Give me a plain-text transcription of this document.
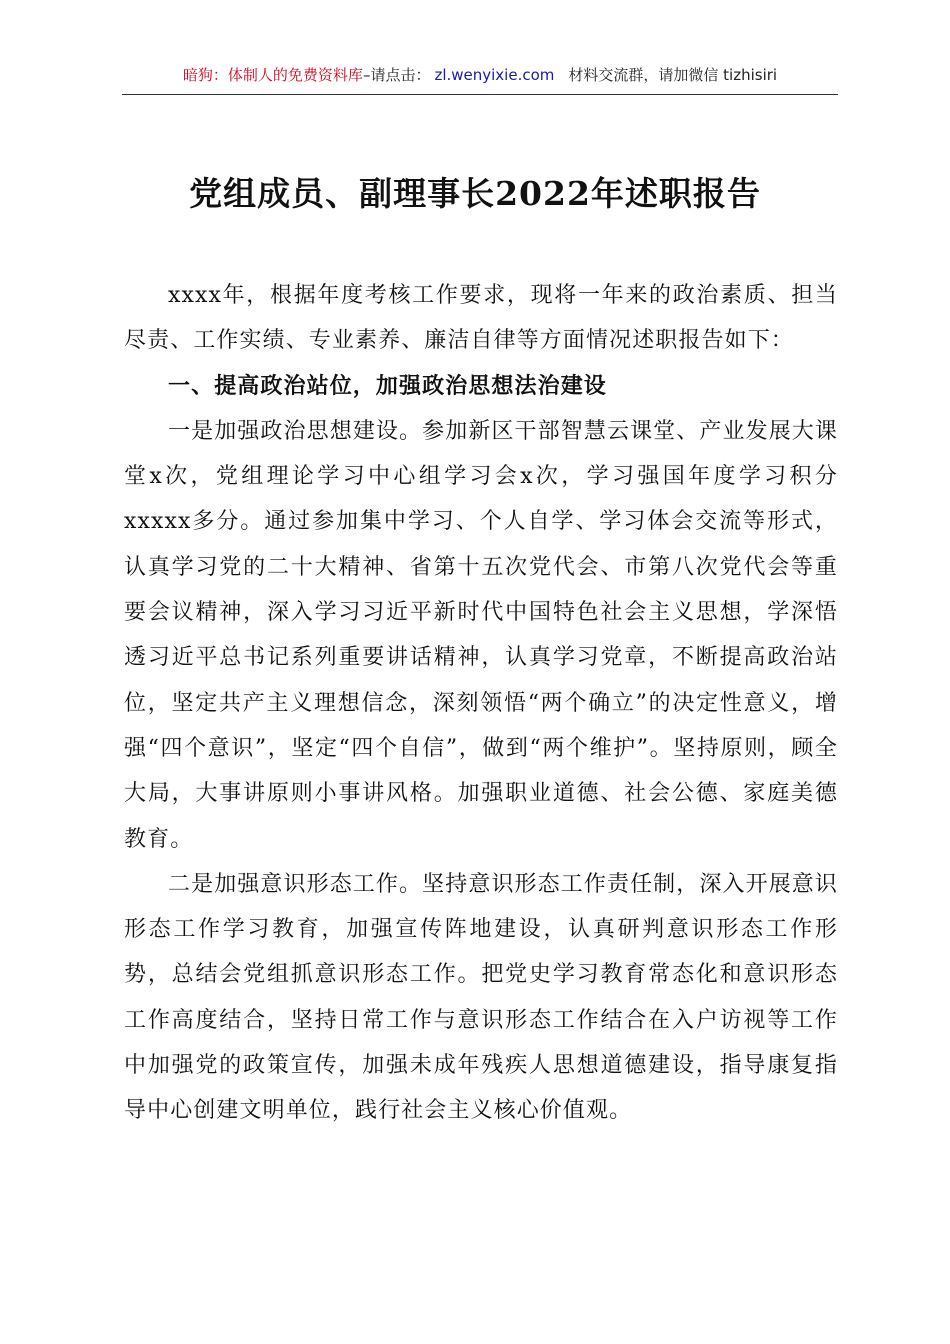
暗狗：体制人的免费资料库–请点击： zl.wenyixie.com 材料交流群，请加微信 tizhisiri
党组成员、副理事长2022年述职报告

xxxx年，根据年度考核工作要求，现将一年来的政治素质、担当尽责、工作实绩、专业素养、廉洁自律等方面情况述职报告如下：

一、提高政治站位，加强政治思想法治建设

一是加强政治思想建设。参加新区干部智慧云课堂、产业发展大课堂x次，党组理论学习中心组学习会x次，学习强国年度学习积分xxxxx多分。通过参加集中学习、个人自学、学习体会交流等形式，认真学习党的二十大精神、省第十五次党代会、市第八次党代会等重要会议精神，深入学习习近平新时代中国特色社会主义思想，学深悟透习近平总书记系列重要讲话精神，认真学习党章，不断提高政治站位，坚定共产主义理想信念，深刻领悟“两个确立”的决定性意义，增强“四个意识”，坚定“四个自信”，做到“两个维护”。坚持原则，顾全大局，大事讲原则小事讲风格。加强职业道德、社会公德、家庭美德教育。

二是加强意识形态工作。坚持意识形态工作责任制，深入开展意识形态工作学习教育，加强宣传阵地建设，认真研判意识形态工作形势，总结会党组抓意识形态工作。把党史学习教育常态化和意识形态工作高度结合，坚持日常工作与意识形态工作结合在入户访视等工作中加强党的政策宣传，加强未成年残疾人思想道德建设，指导康复指导中心创建文明单位，践行社会主义核心价值观。
